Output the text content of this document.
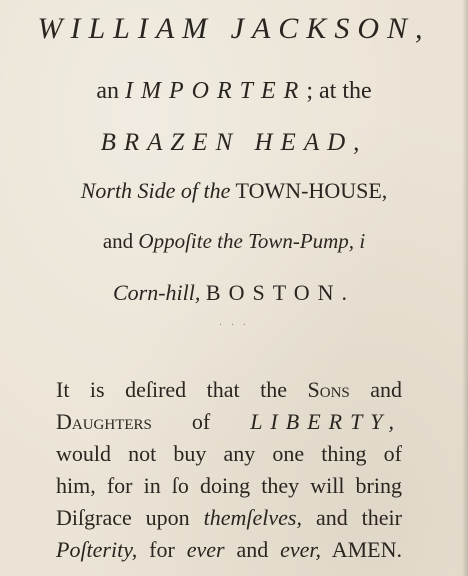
WILLIAM JACKSON,
an IMPORTER; at the
BRAZEN HEAD,
North Side of the TOWN-HOUSE,
and Oppoſite the Town-Pump, i
Corn-hill, BOSTON.
· · ·
It is deſired that the Sons and
Daughters of LIBERTY,
would not buy any one thing of
him, for in ſo doing they will bring
Diſgrace upon themſelves, and their
Poſterity, for ever and ever, AMEN.
